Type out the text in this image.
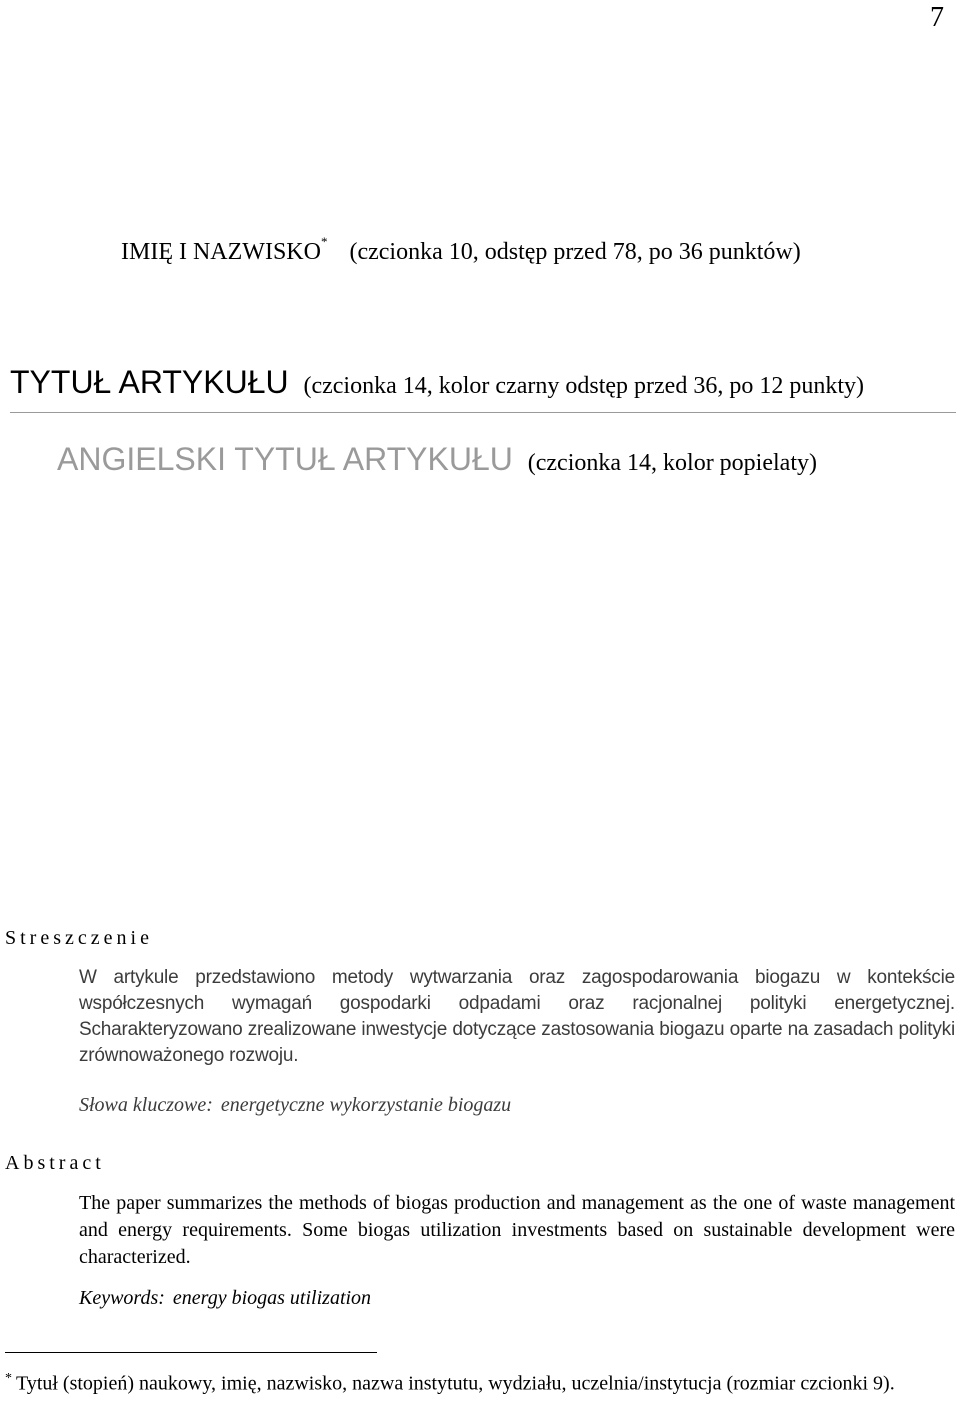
7
IMIĘ I NAZWISKO* (czcionka 10, odstęp przed 78, po 36 punktów)
TYTUŁ ARTYKUŁU (czcionka 14, kolor czarny odstęp przed 36, po 12 punkty)
ANGIELSKI TYTUŁ ARTYKUŁU (czcionka 14, kolor popielaty)
Streszczenie
W artykule przedstawiono metody wytwarzania oraz zagospodarowania biogazu w kontekście współczesnych wymagań gospodarki odpadami oraz racjonalnej polityki energetycznej. Scharakteryzowano zrealizowane inwestycje dotyczące zastosowania biogazu oparte na zasadach polityki zrównoważonego rozwoju.
Słowa kluczowe: energetyczne wykorzystanie biogazu
Abstract
The paper summarizes the methods of biogas production and management as the one of waste management and energy requirements. Some biogas utilization investments based on sustainable development were characterized.
Keywords: energy biogas utilization
* Tytuł (stopień) naukowy, imię, nazwisko, nazwa instytutu, wydziału, uczelnia/instytucja (rozmiar czcionki 9).
